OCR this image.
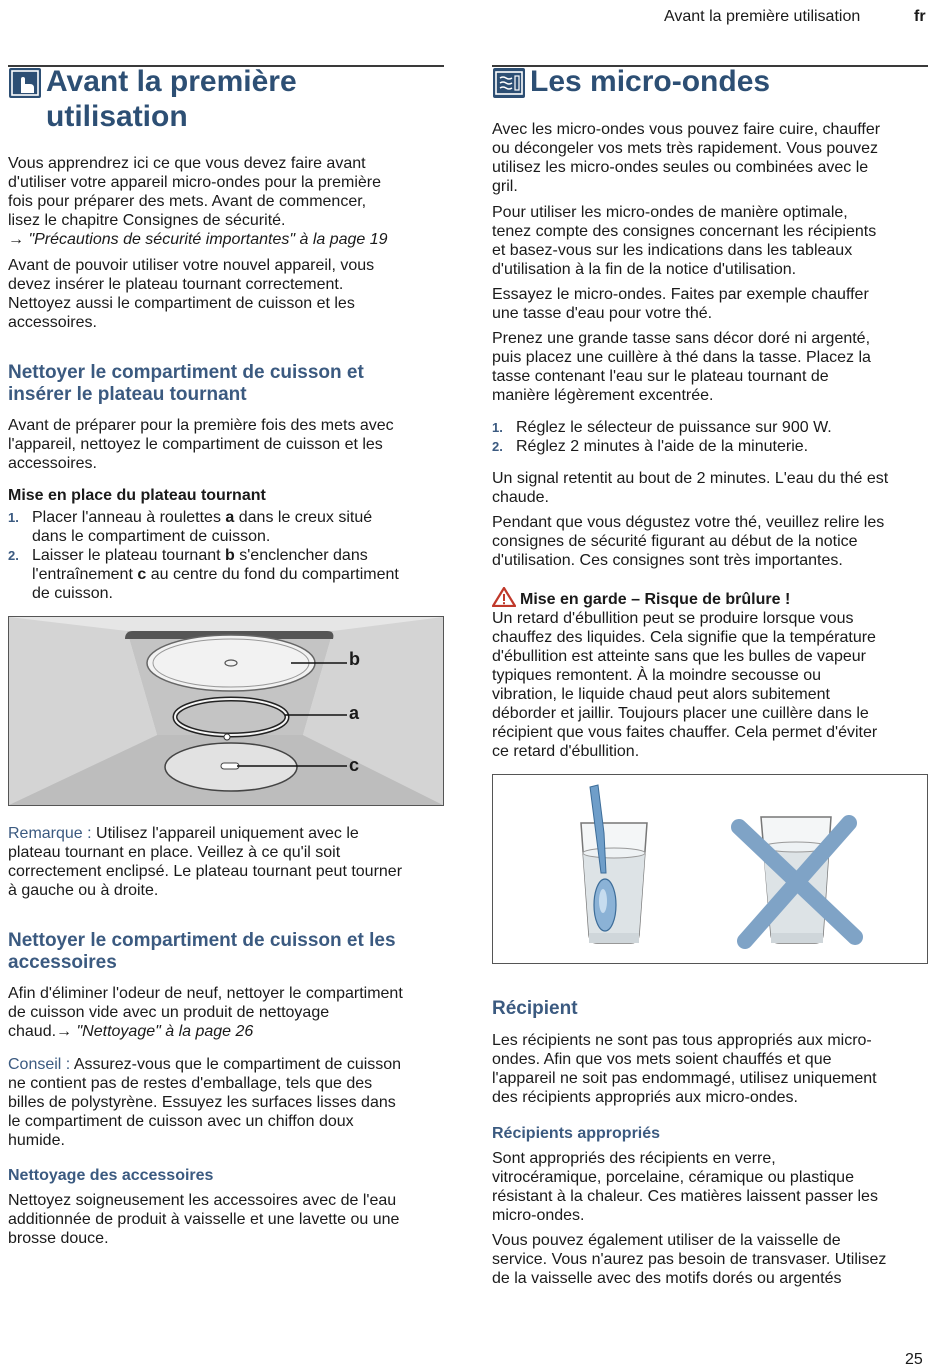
Avant la première utilisation	fr
Avant la première
utilisation

Vous apprendrez ici ce que vous devez faire avant
d'utiliser votre appareil micro-ondes pour la première
fois pour préparer des mets. Avant de commencer,
lisez le chapitre Consignes de sécurité.
→ "Précautions de sécurité importantes" à la page 19

Avant de pouvoir utiliser votre nouvel appareil, vous
devez insérer le plateau tournant correctement.
Nettoyez aussi le compartiment de cuisson et les
accessoires.

Nettoyer le compartiment de cuisson et
insérer le plateau tournant

Avant de préparer pour la première fois des mets avec
l'appareil, nettoyez le compartiment de cuisson et les
accessoires.

Mise en place du plateau tournant
1. Placer l'anneau à roulettes a dans le creux situé
dans le compartiment de cuisson.
2. Laisser le plateau tournant b s'enclencher dans
l'entraînement c au centre du fond du compartiment
de cuisson.
b
a
c

Remarque : Utilisez l'appareil uniquement avec le
plateau tournant en place. Veillez à ce qu'il soit
correctement enclipsé. Le plateau tournant peut tourner
à gauche ou à droite.

Nettoyer le compartiment de cuisson et les
accessoires

Afin d'éliminer l'odeur de neuf, nettoyer le compartiment
de cuisson vide avec un produit de nettoyage
chaud.→ "Nettoyage" à la page 26

Conseil : Assurez-vous que le compartiment de cuisson
ne contient pas de restes d'emballage, tels que des
billes de polystyrène. Essuyez les surfaces lisses dans
le compartiment de cuisson avec un chiffon doux
humide.

Nettoyage des accessoires

Nettoyez soigneusement les accessoires avec de l'eau
additionnée de produit à vaisselle et une lavette ou une
brosse douce.

Les micro-ondes

Avec les micro-ondes vous pouvez faire cuire, chauffer
ou décongeler vos mets très rapidement. Vous pouvez
utilisez les micro-ondes seules ou combinées avec le
gril.

Pour utiliser les micro-ondes de manière optimale,
tenez compte des consignes concernant les récipients
et basez-vous sur les indications dans les tableaux
d'utilisation à la fin de la notice d'utilisation.

Essayez le micro-ondes. Faites par exemple chauffer
une tasse d'eau pour votre thé.

Prenez une grande tasse sans décor doré ni argenté,
puis placez une cuillère à thé dans la tasse. Placez la
tasse contenant l'eau sur le plateau tournant de
manière légèrement excentrée.

1. Réglez le sélecteur de puissance sur 900 W.
2. Réglez 2 minutes à l'aide de la minuterie.

Un signal retentit au bout de 2 minutes. L'eau du thé est
chaude.

Pendant que vous dégustez votre thé, veuillez relire les
consignes de sécurité figurant au début de la notice
d'utilisation. Ces consignes sont très importantes.

Mise en garde – Risque de brûlure !
Un retard d'ébullition peut se produire lorsque vous
chauffez des liquides. Cela signifie que la température
d'ébullition est atteinte sans que les bulles de vapeur
typiques remontent. À la moindre secousse ou
vibration, le liquide chaud peut alors subitement
déborder et jaillir. Toujours placer une cuillère dans le
récipient que vous faites chauffer. Cela permet d'éviter
ce retard d'ébullition.
Récipient

Les récipients ne sont pas tous appropriés aux micro-
ondes. Afin que vos mets soient chauffés et que
l'appareil ne soit pas endommagé, utilisez uniquement
des récipients appropriés aux micro-ondes.

Récipients appropriés

Sont appropriés des récipients en verre,
vitrocéramique, porcelaine, céramique ou plastique
résistant à la chaleur. Ces matières laissent passer les
micro-ondes.

Vous pouvez également utiliser de la vaisselle de
service. Vous n'aurez pas besoin de transvaser. Utilisez
de la vaisselle avec des motifs dorés ou argentés

25
